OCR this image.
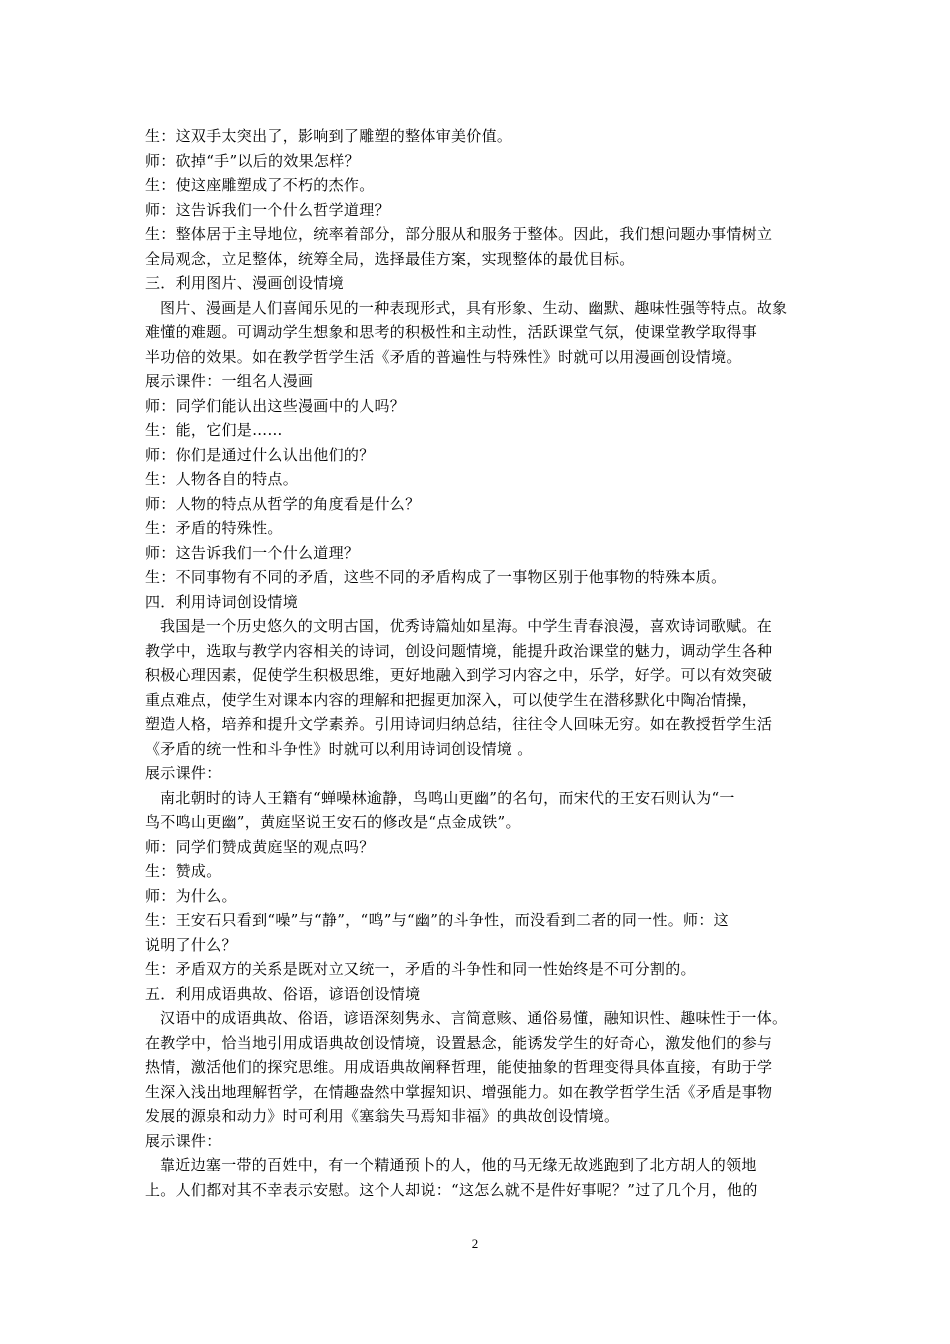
生：这双手太突出了，影响到了雕塑的整体审美价值。
师：砍掉“手”以后的效果怎样？
生：使这座雕塑成了不朽的杰作。
师：这告诉我们一个什么哲学道理？
生：整体居于主导地位，统率着部分，部分服从和服务于整体。因此，我们想问题办事情树立
全局观念，立足整体，统筹全局，选择最佳方案，实现整体的最优目标。
三．利用图片、漫画创设情境
图片、漫画是人们喜闻乐见的一种表现形式，具有形象、生动、幽默、趣味性强等特点。故象
难懂的难题。可调动学生想象和思考的积极性和主动性，活跃课堂气氛，使课堂教学取得事
半功倍的效果。如在教学哲学生活《矛盾的普遍性与特殊性》时就可以用漫画创设情境。
展示课件：一组名人漫画
师：同学们能认出这些漫画中的人吗？
生：能，它们是……
师：你们是通过什么认出他们的？
生：人物各自的特点。
师：人物的特点从哲学的角度看是什么？
生：矛盾的特殊性。
师：这告诉我们一个什么道理？
生：不同事物有不同的矛盾，这些不同的矛盾构成了一事物区别于他事物的特殊本质。
四．利用诗词创设情境
我国是一个历史悠久的文明古国，优秀诗篇灿如星海。中学生青春浪漫，喜欢诗词歌赋。在
教学中，选取与教学内容相关的诗词，创设问题情境，能提升政治课堂的魅力，调动学生各种
积极心理因素，促使学生积极思维，更好地融入到学习内容之中，乐学，好学。可以有效突破
重点难点，使学生对课本内容的理解和把握更加深入，可以使学生在潜移默化中陶冶情操，
塑造人格，培养和提升文学素养。引用诗词归纳总结，往往令人回味无穷。如在教授哲学生活
《矛盾的统一性和斗争性》时就可以利用诗词创设情境 。
展示课件：
南北朝时的诗人王籍有“蝉噪林逾静，鸟鸣山更幽”的名句，而宋代的王安石则认为“一
鸟不鸣山更幽”，黄庭坚说王安石的修改是“点金成铁”。
师：同学们赞成黄庭坚的观点吗？
生：赞成。
师：为什么。
生：王安石只看到“噪”与“静”，“鸣”与“幽”的斗争性，而没看到二者的同一性。师：这
说明了什么？
生：矛盾双方的关系是既对立又统一，矛盾的斗争性和同一性始终是不可分割的。
五．利用成语典故、俗语，谚语创设情境
汉语中的成语典故、俗语，谚语深刻隽永、言简意赅、通俗易懂，融知识性、趣味性于一体。
在教学中，恰当地引用成语典故创设情境，设置悬念，能诱发学生的好奇心，激发他们的参与
热情，激活他们的探究思维。用成语典故阐释哲理，能使抽象的哲理变得具体直接，有助于学
生深入浅出地理解哲学，在情趣盎然中掌握知识、增强能力。如在教学哲学生活《矛盾是事物
发展的源泉和动力》时可利用《塞翁失马焉知非福》的典故创设情境。
展示课件：
靠近边塞一带的百姓中，有一个精通预卜的人，他的马无缘无故逃跑到了北方胡人的领地
上。人们都对其不幸表示安慰。这个人却说：“这怎么就不是件好事呢？”过了几个月，他的
2
